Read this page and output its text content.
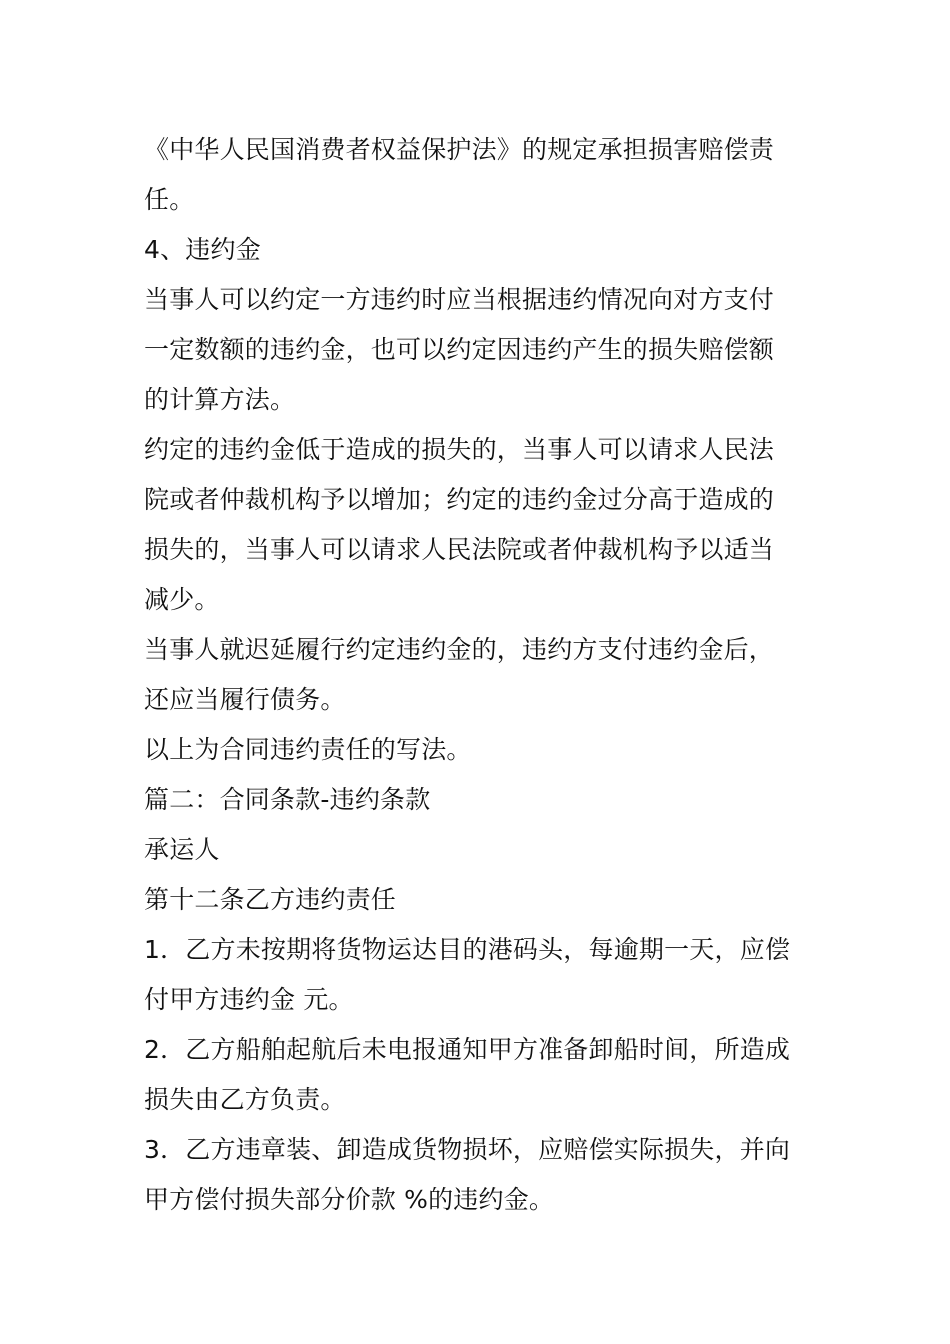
《中华人民国消费者权益保护法》的规定承担损害赔偿责
任。
4、违约金
当事人可以约定一方违约时应当根据违约情况向对方支付
一定数额的违约金，也可以约定因违约产生的损失赔偿额
的计算方法。
约定的违约金低于造成的损失的，当事人可以请求人民法
院或者仲裁机构予以增加；约定的违约金过分高于造成的
损失的，当事人可以请求人民法院或者仲裁机构予以适当
减少。
当事人就迟延履行约定违约金的，违约方支付违约金后，
还应当履行债务。
以上为合同违约责任的写法。
篇二：合同条款-违约条款
承运人
第十二条乙方违约责任
1．乙方未按期将货物运达目的港码头，每逾期一天，应偿
付甲方违约金 元。
2．乙方船舶起航后未电报通知甲方准备卸船时间，所造成
损失由乙方负责。
3．乙方违章装、卸造成货物损坏，应赔偿实际损失，并向
甲方偿付损失部分价款 %的违约金。
